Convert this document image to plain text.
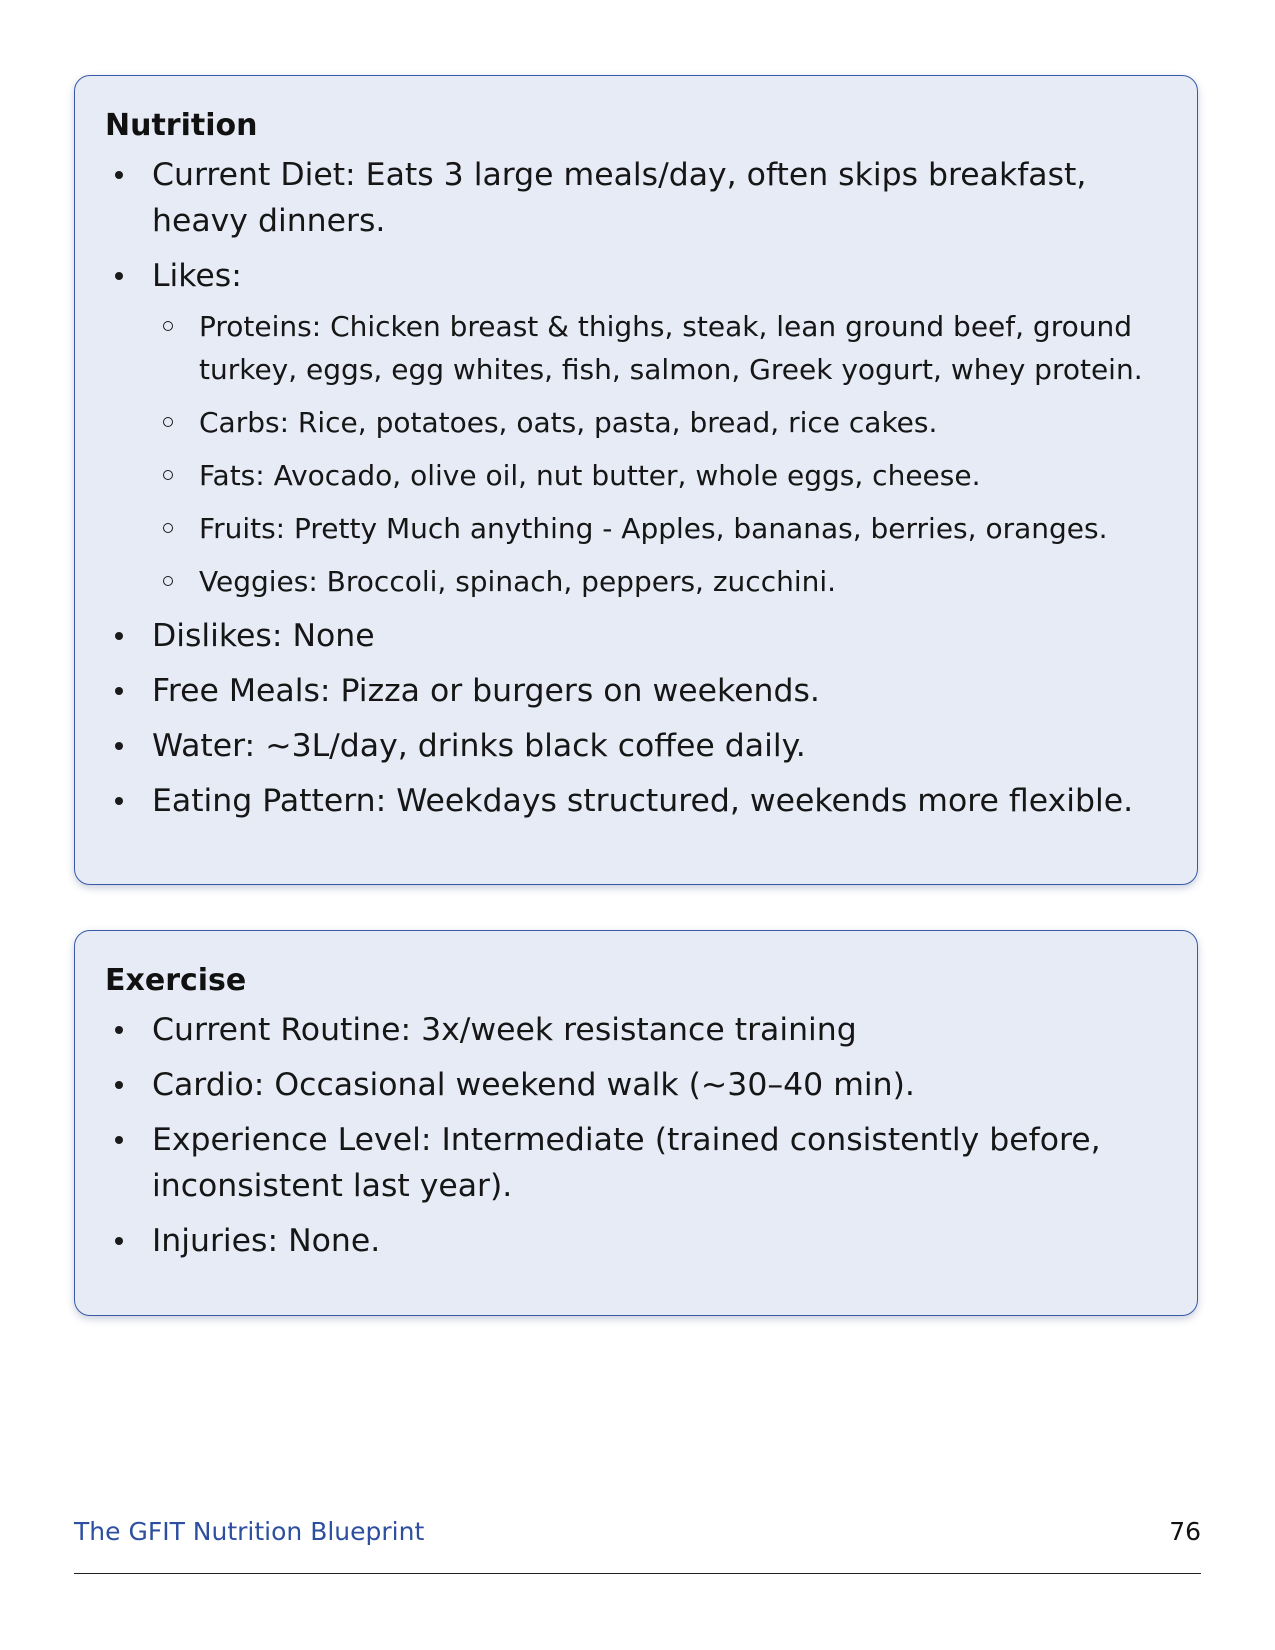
Nutrition
Current Diet: Eats 3 large meals/day, often skips breakfast, heavy dinners.
Likes:
Proteins: Chicken breast & thighs, steak, lean ground beef, ground turkey, eggs, egg whites, fish, salmon, Greek yogurt, whey protein.
Carbs: Rice, potatoes, oats, pasta, bread, rice cakes.
Fats: Avocado, olive oil, nut butter, whole eggs, cheese.
Fruits: Pretty Much anything - Apples, bananas, berries, oranges.
Veggies: Broccoli, spinach, peppers, zucchini.
Dislikes: None
Free Meals: Pizza or burgers on weekends.
Water: ~3L/day, drinks black coffee daily.
Eating Pattern: Weekdays structured, weekends more flexible.
Exercise
Current Routine: 3x/week resistance training
Cardio: Occasional weekend walk (~30–40 min).
Experience Level: Intermediate (trained consistently before, inconsistent last year).
Injuries: None.
The GFIT Nutrition Blueprint	76
